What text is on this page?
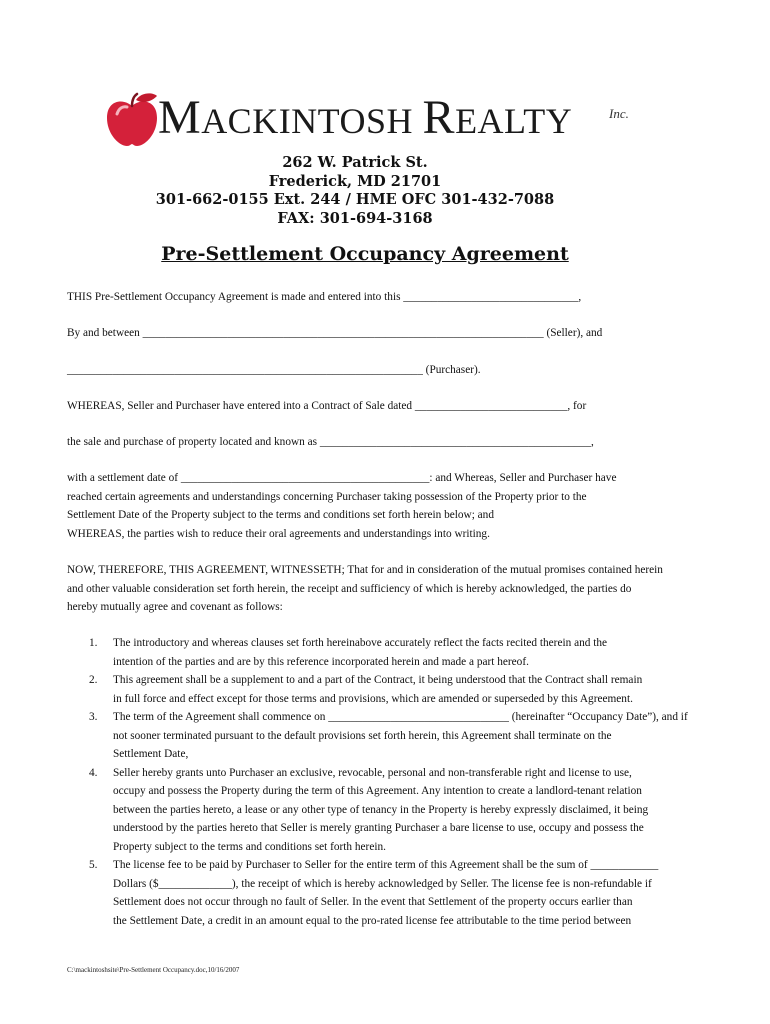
MACKINTOSH REALTY	Inc.
262 W. Patrick St.
Frederick, MD 21701
301-662-0155 Ext. 244 / HME OFC 301-432-7088
FAX: 301-694-3168
Pre-Settlement Occupancy Agreement
THIS Pre-Settlement Occupancy Agreement is made and entered into this _______________________________,
By and between _______________________________________________________________________ (Seller), and
_______________________________________________________________ (Purchaser).
WHEREAS, Seller and Purchaser have entered into a Contract of Sale dated ___________________________, for
the sale and purchase of property located and known as ________________________________________________,
with a settlement date of ____________________________________________: and Whereas, Seller and Purchaser have
reached certain agreements and understandings concerning Purchaser taking possession of the Property prior to the
Settlement Date of the Property subject to the terms and conditions set forth herein below; and
WHEREAS, the parties wish to reduce their oral agreements and understandings into writing.
NOW, THEREFORE, THIS AGREEMENT, WITNESSETH; That for and in consideration of the mutual promises contained herein
and other valuable consideration set forth herein, the receipt and sufficiency of which is hereby acknowledged, the parties do
hereby mutually agree and covenant as follows:
1. The introductory and whereas clauses set forth hereinabove accurately reflect the facts recited therein and the
intention of the parties and are by this reference incorporated herein and made a part hereof.
2. This agreement shall be a supplement to and a part of the Contract, it being understood that the Contract shall remain
in full force and effect except for those terms and provisions, which are amended or superseded by this Agreement.
3. The term of the Agreement shall commence on ________________________________ (hereinafter “Occupancy Date”), and if
not sooner terminated pursuant to the default provisions set forth herein, this Agreement shall terminate on the
Settlement Date,
4. Seller hereby grants unto Purchaser an exclusive, revocable, personal and non-transferable right and license to use,
occupy and possess the Property during the term of this Agreement. Any intention to create a landlord-tenant relation
between the parties hereto, a lease or any other type of tenancy in the Property is hereby expressly disclaimed, it being
understood by the parties hereto that Seller is merely granting Purchaser a bare license to use, occupy and possess the
Property subject to the terms and conditions set forth herein.
5. The license fee to be paid by Purchaser to Seller for the entire term of this Agreement shall be the sum of ____________
Dollars ($_____________), the receipt of which is hereby acknowledged by Seller. The license fee is non-refundable if
Settlement does not occur through no fault of Seller. In the event that Settlement of the property occurs earlier than
the Settlement Date, a credit in an amount equal to the pro-rated license fee attributable to the time period between
C:\mackintoshsite\Pre-Settlement Occupancy.doc,10/16/2007
